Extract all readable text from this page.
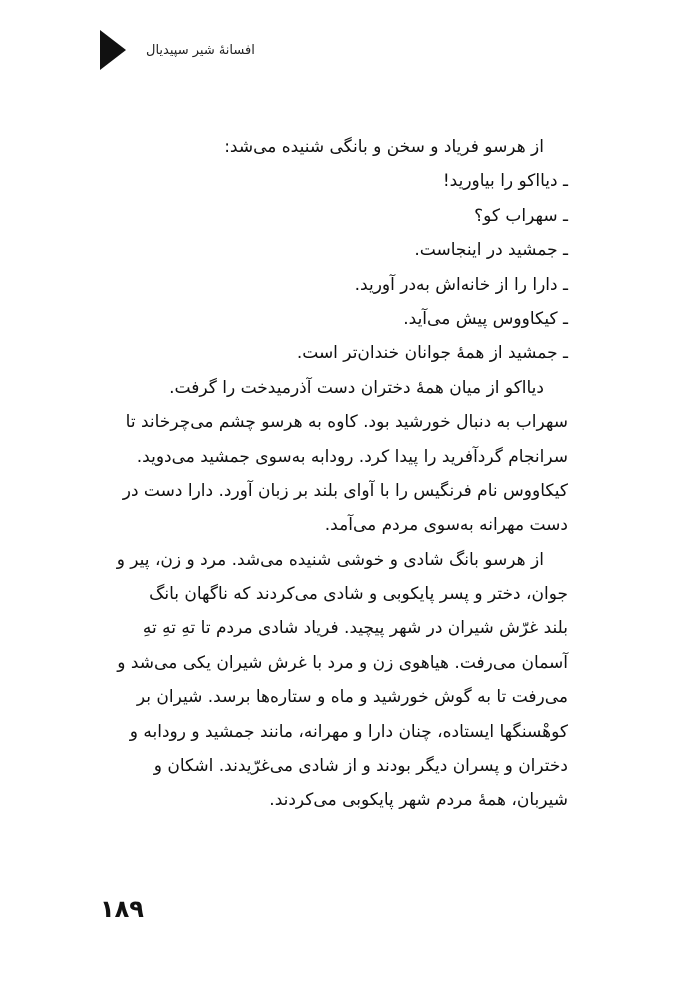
افسانهٔ شیر سپیدیال
از هرسو فریاد و سخن و بانگی شنیده می‌شد:
ـ دیااکو را بیاورید!
ـ سهراب کو؟
ـ جمشید در اینجاست.
ـ دارا را از خانه‌اش به‌در آورید.
ـ کیکاووس پیش می‌آید.
ـ جمشید از همهٔ جوانان خندان‌تر است.
دیااکو از میان همهٔ دختران دست آذرمیدخت را گرفت.
سهراب به دنبال خورشید بود. کاوه به هرسو چشم می‌چرخاند تا
سرانجام گردآفرید را پیدا کرد. رودابه به‌سوی جمشید می‌دوید.
کیکاووس نام فرنگیس را با آوای بلند بر زبان آورد. دارا دست در
دست مهرانه به‌سوی مردم می‌آمد.
از هرسو بانگ شادی و خوشی شنیده می‌شد. مرد و زن، پیر و
جوان، دختر و پسر پایکوبی و شادی می‌کردند که ناگهان بانگ
بلند غرّش شیران در شهر پیچید. فریاد شادی مردم تا تهِ تهِ تهِ
آسمان می‌رفت. هیاهوی زن و مرد با غرش شیران یکی می‌شد و
می‌رفت تا به گوش خورشید و ماه و ستاره‌ها برسد. شیران بر
کوهْسنگها ایستاده، چنان دارا و مهرانه، مانند جمشید و رودابه و
دختران و پسران دیگر بودند و از شادی می‌غرّیدند. اشکان و
شیربان، همهٔ مردم شهر پایکوبی می‌کردند.
۱۸۹
